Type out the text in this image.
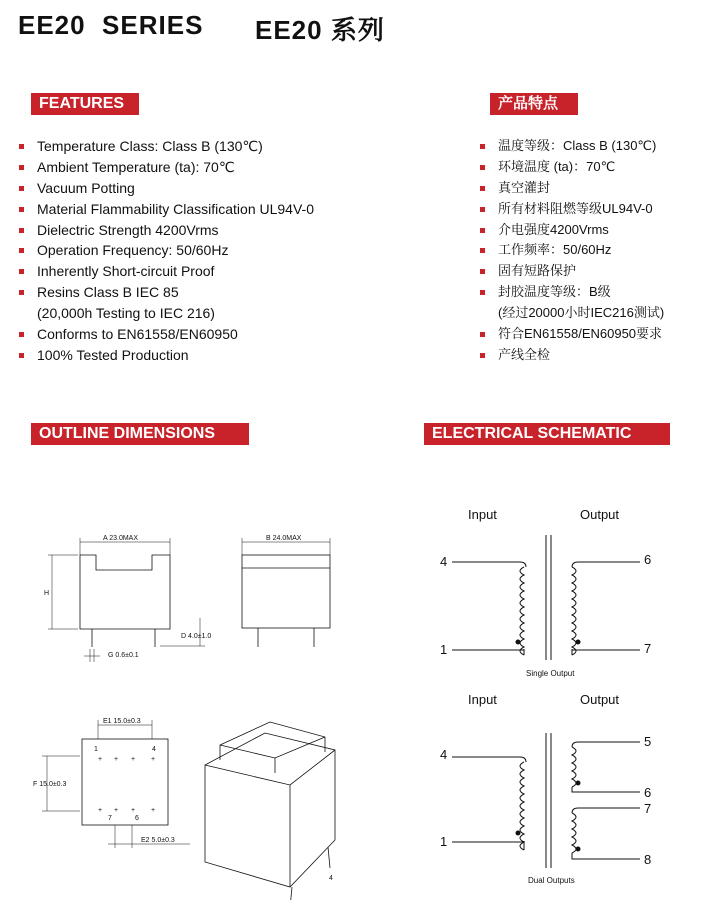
EE20  SERIES EE20 系列
FEATURES	产品特点
Temperature Class: Class B (130℃)
Ambient Temperature (ta): 70℃
Vacuum Potting
Material Flammability Classification UL94V-0
Dielectric Strength 4200Vrms
Operation Frequency: 50/60Hz
Inherently Short-circuit Proof
Resins Class B IEC 85
(20,000h Testing to IEC 216)
Conforms to EN61558/EN60950
100% Tested Production
温度等级：Class B (130℃)
环境温度 (ta)：70℃
真空灌封
所有材料阻燃等级UL94V-0
介电强度4200Vrms
工作频率：50/60Hz
固有短路保护
封胶温度等级：B级
(经过20000小时IEC216测试)
符合EN61558/EN60950要求
产线全检
OUTLINE DIMENSIONS	ELECTRICAL SCHEMATIC
A 23.0MAX
H
D 4.0±1.0
G 0.6±0.1
B 24.0MAX
1	4
7	6
+ + + +
+ + + +
E1 15.0±0.3
F 15.0±0.3
E2 5.0±0.3
4
Input	Output
4
1
6
7
Single Output
Input	Output
4
1
5
6
7
8
Dual Outputs
